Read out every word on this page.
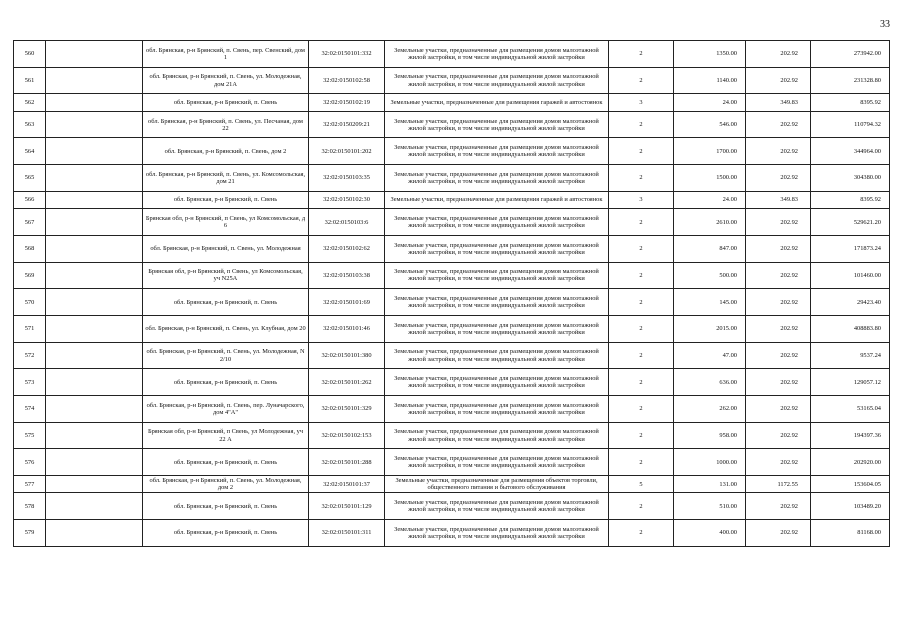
33
560		обл. Брянская, р-н Брянский, п. Свень, пер. Свенский, дом 1	32:02:0150101:332	Земельные участки, предназначенные для размещения домов малоэтажной жилой застройки, в том числе индивидуальной жилой застройки	2	1350.00	202.92	273942.00
561		обл. Брянская, р-н Брянский, п. Свень, ул. Молодежная, дом 21А	32:02:0150102:58	Земельные участки, предназначенные для размещения домов малоэтажной жилой застройки, в том числе индивидуальной жилой застройки	2	1140.00	202.92	231328.80
562		обл. Брянская, р-н Брянский, п. Свень	32:02:0150102:19	Земельные участки, предназначенные для размещения гаражей и автостоянок	3	24.00	349.83	8395.92
563		обл. Брянская, р-н Брянский, п. Свень, ул. Песчаная, дом 22	32:02:0150209:21	Земельные участки, предназначенные для размещения домов малоэтажной жилой застройки, в том числе индивидуальной жилой застройки	2	546.00	202.92	110794.32
564		обл. Брянская, р-н Брянский, п. Свень, дом 2	32:02:0150101:202	Земельные участки, предназначенные для размещения домов малоэтажной жилой застройки, в том числе индивидуальной жилой застройки	2	1700.00	202.92	344964.00
565		обл. Брянская, р-н Брянский, п. Свень, ул. Комсомольская, дом 21	32:02:0150103:35	Земельные участки, предназначенные для размещения домов малоэтажной жилой застройки, в том числе индивидуальной жилой застройки	2	1500.00	202.92	304380.00
566		обл. Брянская, р-н Брянский, п. Свень	32:02:0150102:30	Земельные участки, предназначенные для размещения гаражей и автостоянок	3	24.00	349.83	8395.92
567		Брянская обл, р-н Брянский, п Свень, ул Комсомольская, д 6	32:02:0150103:6	Земельные участки, предназначенные для размещения домов малоэтажной жилой застройки, в том числе индивидуальной жилой застройки	2	2610.00	202.92	529621.20
568		обл. Брянская, р-н Брянский, п. Свень, ул. Молодежная	32:02:0150102:62	Земельные участки, предназначенные для размещения домов малоэтажной жилой застройки, в том числе индивидуальной жилой застройки	2	847.00	202.92	171873.24
569		Брянская обл, р-н Брянский, п Свень, ул Комсомольская, уч N25А	32:02:0150103:38	Земельные участки, предназначенные для размещения домов малоэтажной жилой застройки, в том числе индивидуальной жилой застройки	2	500.00	202.92	101460.00
570		обл. Брянская, р-н Брянский, п. Свень	32:02:0150101:69	Земельные участки, предназначенные для размещения домов малоэтажной жилой застройки, в том числе индивидуальной жилой застройки	2	145.00	202.92	29423.40
571		обл. Брянская, р-н Брянский, п. Свень, ул. Клубная, дом 20	32:02:0150101:46	Земельные участки, предназначенные для размещения домов малоэтажной жилой застройки, в том числе индивидуальной жилой застройки	2	2015.00	202.92	408883.80
572		обл. Брянская, р-н Брянский, п. Свень, ул. Молодежная, N 2/10	32:02:0150101:380	Земельные участки, предназначенные для размещения домов малоэтажной жилой застройки, в том числе индивидуальной жилой застройки	2	47.00	202.92	9537.24
573		обл. Брянская, р-н Брянский, п. Свень	32:02:0150101:262	Земельные участки, предназначенные для размещения домов малоэтажной жилой застройки, в том числе индивидуальной жилой застройки	2	636.00	202.92	129057.12
574		обл. Брянская, р-н Брянский, п. Свень, пер. Луначарского, дом 4"А"	32:02:0150101:329	Земельные участки, предназначенные для размещения домов малоэтажной жилой застройки, в том числе индивидуальной жилой застройки	2	262.00	202.92	53165.04
575		Брянская обл, р-н Брянский, п Свень, ул Молодежная, уч 22 А	32:02:0150102:153	Земельные участки, предназначенные для размещения домов малоэтажной жилой застройки, в том числе индивидуальной жилой застройки	2	958.00	202.92	194397.36
576		обл. Брянская, р-н Брянский, п. Свень	32:02:0150101:288	Земельные участки, предназначенные для размещения домов малоэтажной жилой застройки, в том числе индивидуальной жилой застройки	2	1000.00	202.92	202920.00
577		обл. Брянская, р-н Брянский, п. Свень, ул. Молодежная, дом 2	32:02:0150101:37	Земельные участки, предназначенные для размещения объектов торговли, общественного питания и бытового обслуживания	5	131.00	1172.55	153604.05
578		обл. Брянская, р-н Брянский, п. Свень	32:02:0150101:129	Земельные участки, предназначенные для размещения домов малоэтажной жилой застройки, в том числе индивидуальной жилой застройки	2	510.00	202.92	103489.20
579		обл. Брянская, р-н Брянский, п. Свень	32:02:0150101:311	Земельные участки, предназначенные для размещения домов малоэтажной жилой застройки, в том числе индивидуальной жилой застройки	2	400.00	202.92	81168.00
